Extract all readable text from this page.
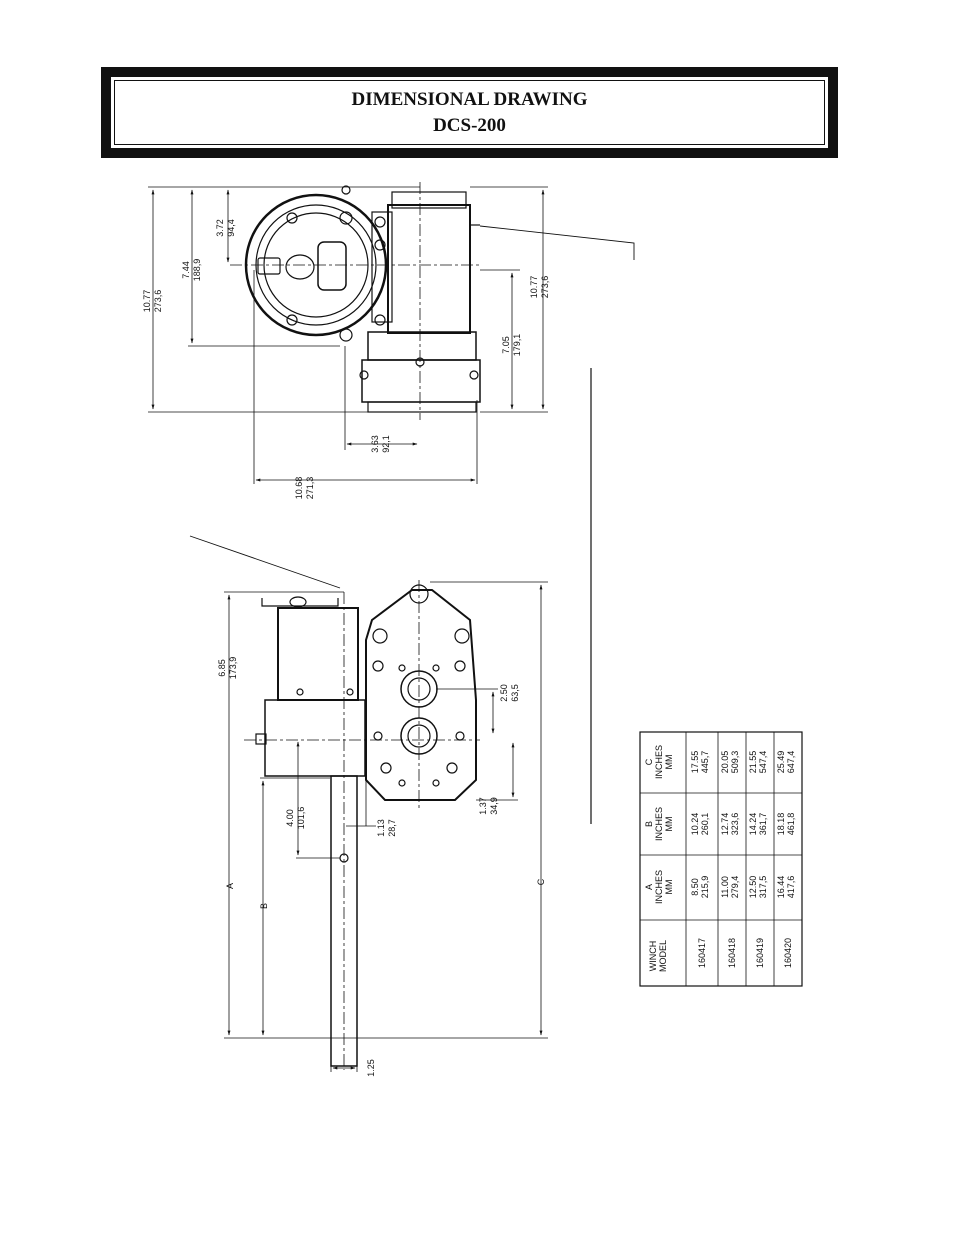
DIMENSIONAL DRAWING
DCS-200
10.77 273,6
7.44 188,9
3.72 94,4
10.77 273,6
7.05 179,1
3.63 92,1
10.68 271,3
6.85 173,9
4.00 101,6	1.13 28,7
2.50 63,5
1.37 34,9
1.25
A
B
C
WINCH MODEL
A INCHES MM
B INCHES MM
C INCHES MM
160417
8.50 215,9
10.24 260,1
17.55 445,7
160418
11.00 279,4
12.74 323,6
20.05 509,3
160419
12.50 317,5
14.24 361,7
21.55 547,4
160420
16.44 417,6
18.18 461,8
25.49 647,4
